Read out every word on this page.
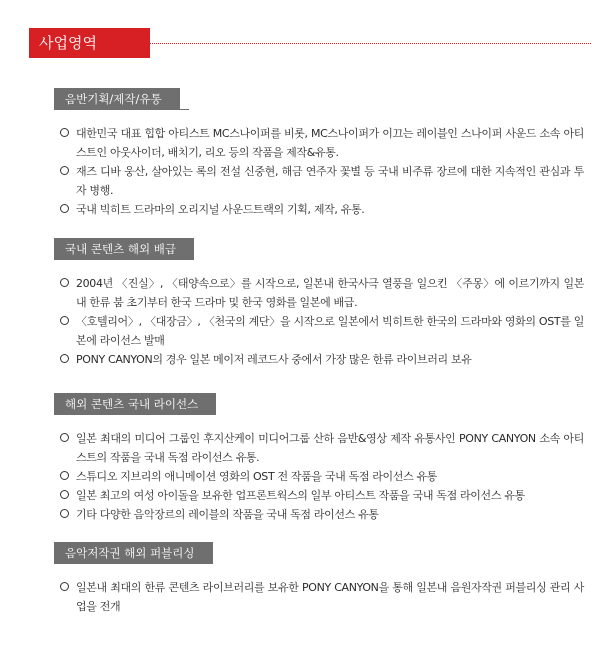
사업영역
음반기획/제작/유통
대한민국 대표 힙합 아티스트 MC스나이퍼를 비롯, MC스나이퍼가 이끄는 레이블인 스나이퍼 사운드 소속 아티스트인 아웃사이더, 배치기, 리오 등의 작품을 제작&유통.
재즈 디바 웅산, 살아있는 록의 전설 신중현, 해금 연주자 꽃별 등 국내 비주류 장르에 대한 지속적인 관심과 투자 병행.
국내 빅히트 드라마의 오리지널 사운드트랙의 기획, 제작, 유통.
국내 콘텐츠 해외 배급
2004년 〈진실〉, 〈태양속으로〉를 시작으로, 일본내 한국사극 열풍을 일으킨 〈주몽〉에 이르기까지 일본내 한류 붐 초기부터 한국 드라마 및 한국 영화를 일본에 배급.
〈호텔리어〉, 〈대장금〉, 〈천국의 계단〉을 시작으로 일본에서 빅히트한 한국의 드라마와 영화의 OST를 일본에 라이선스 발매
PONY CANYON의 경우 일본 메이저 레코드사 중에서 가장 많은 한류 라이브러리 보유
해외 콘텐츠 국내 라이선스
일본 최대의 미디어 그룹인 후지산케이 미디어그룹 산하 음반&영상 제작 유통사인 PONY CANYON 소속 아티스트의 작품을 국내 독점 라이선스 유통.
스튜디오 지브리의 애니메이션 영화의 OST 전 작품을 국내 독점 라이선스 유통
일본 최고의 여성 아이돌을 보유한 업프론트웍스의 일부 아티스트 작품을 국내 독점 라이선스 유통
기타 다양한 음악장르의 레이블의 작품을 국내 독점 라이선스 유통
음악저작권 해외 퍼블리싱
일본내 최대의 한류 콘텐츠 라이브러리를 보유한 PONY CANYON을 통해 일본내 음원자작권 퍼블리싱 관리 사업을 전개
